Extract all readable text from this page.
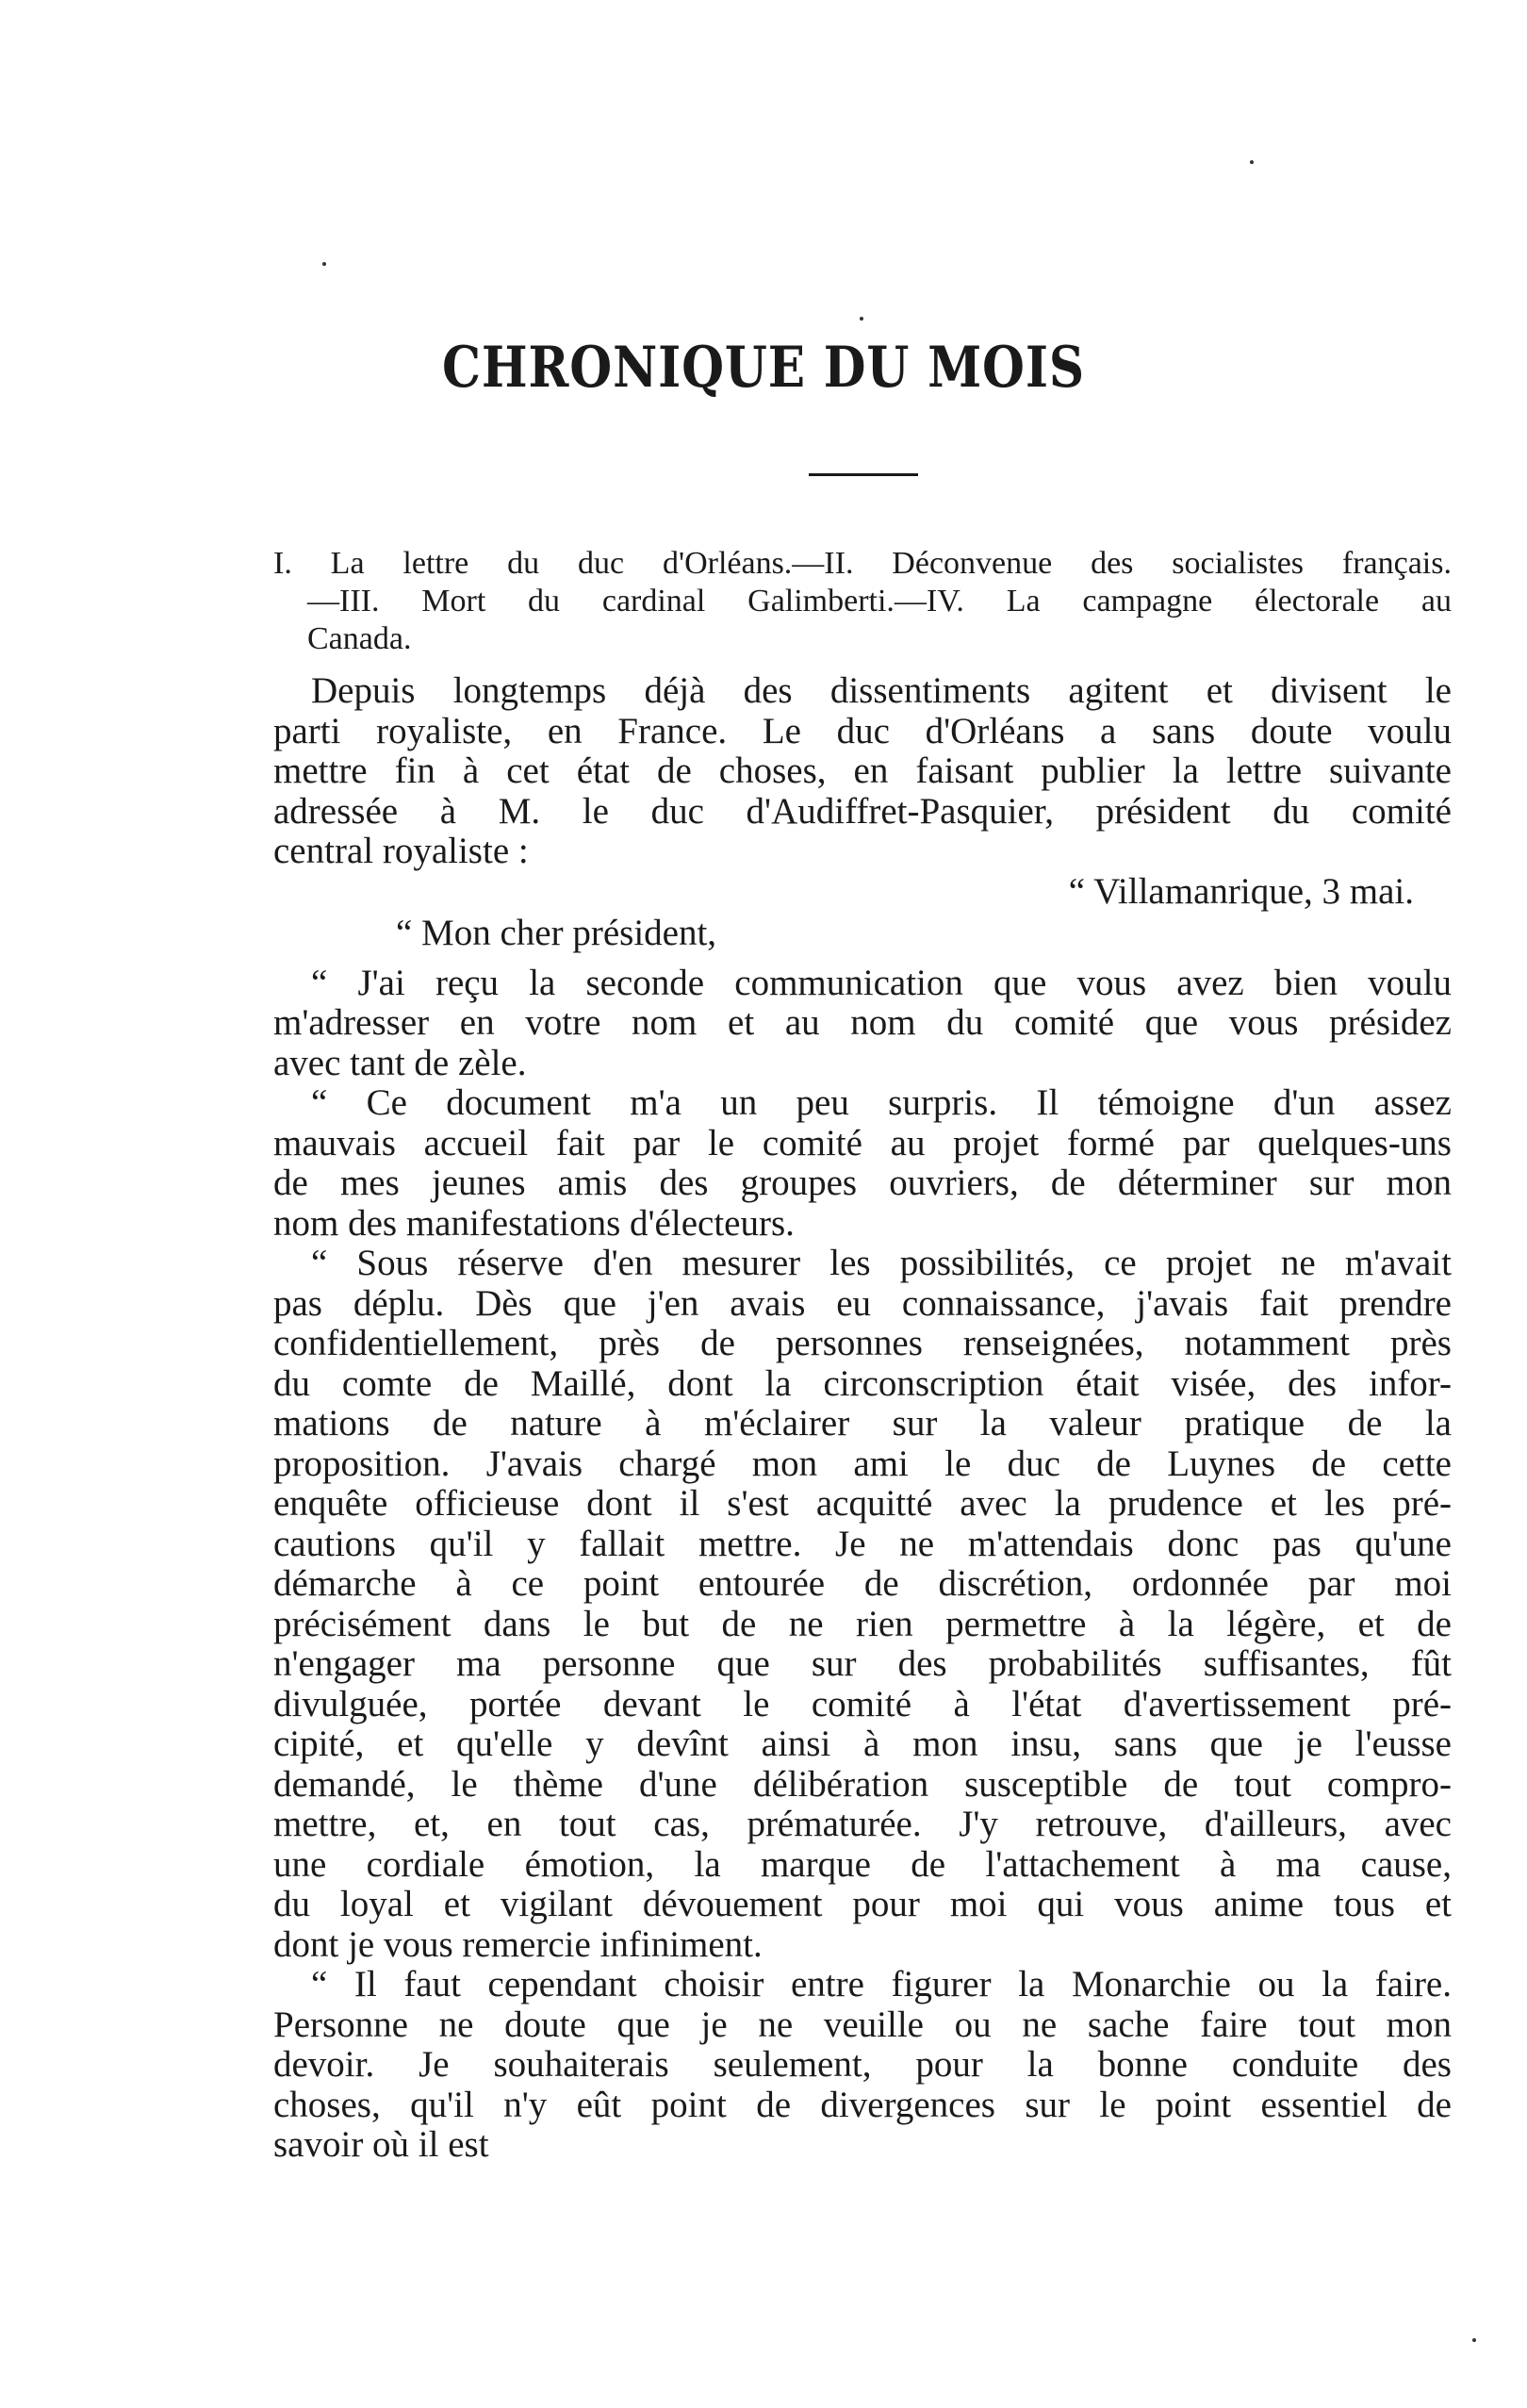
CHRONIQUE DU MOIS
I. La lettre du duc d'Orléans.—II. Déconvenue des socialistes français.
—III. Mort du cardinal Galimberti.—IV. La campagne électorale au
Canada.
Depuis longtemps déjà des dissentiments agitent et divisent le
parti royaliste, en France. Le duc d'Orléans a sans doute voulu
mettre fin à cet état de choses, en faisant publier la lettre suivante
adressée à M. le duc d'Audiffret-Pasquier, président du comité
central royaliste :
“ Villamanrique, 3 mai.
“ Mon cher président,
“ J'ai reçu la seconde communication que vous avez bien voulu
m'adresser en votre nom et au nom du comité que vous présidez
avec tant de zèle.
“ Ce document m'a un peu surpris. Il témoigne d'un assez
mauvais accueil fait par le comité au projet formé par quelques-uns
de mes jeunes amis des groupes ouvriers, de déterminer sur mon
nom des manifestations d'électeurs.
“ Sous réserve d'en mesurer les possibilités, ce projet ne m'avait
pas déplu. Dès que j'en avais eu connaissance, j'avais fait prendre
confidentiellement, près de personnes renseignées, notamment près
du comte de Maillé, dont la circonscription était visée, des infor-
mations de nature à m'éclairer sur la valeur pratique de la
proposition. J'avais chargé mon ami le duc de Luynes de cette
enquête officieuse dont il s'est acquitté avec la prudence et les pré-
cautions qu'il y fallait mettre. Je ne m'attendais donc pas qu'une
démarche à ce point entourée de discrétion, ordonnée par moi
précisément dans le but de ne rien permettre à la légère, et de
n'engager ma personne que sur des probabilités suffisantes, fût
divulguée, portée devant le comité à l'état d'avertissement pré-
cipité, et qu'elle y devînt ainsi à mon insu, sans que je l'eusse
demandé, le thème d'une délibération susceptible de tout compro-
mettre, et, en tout cas, prématurée. J'y retrouve, d'ailleurs, avec
une cordiale émotion, la marque de l'attachement à ma cause,
du loyal et vigilant dévouement pour moi qui vous anime tous et
dont je vous remercie infiniment.
“ Il faut cependant choisir entre figurer la Monarchie ou la faire.
Personne ne doute que je ne veuille ou ne sache faire tout mon
devoir. Je souhaiterais seulement, pour la bonne conduite des
choses, qu'il n'y eût point de divergences sur le point essentiel de
savoir où il est
